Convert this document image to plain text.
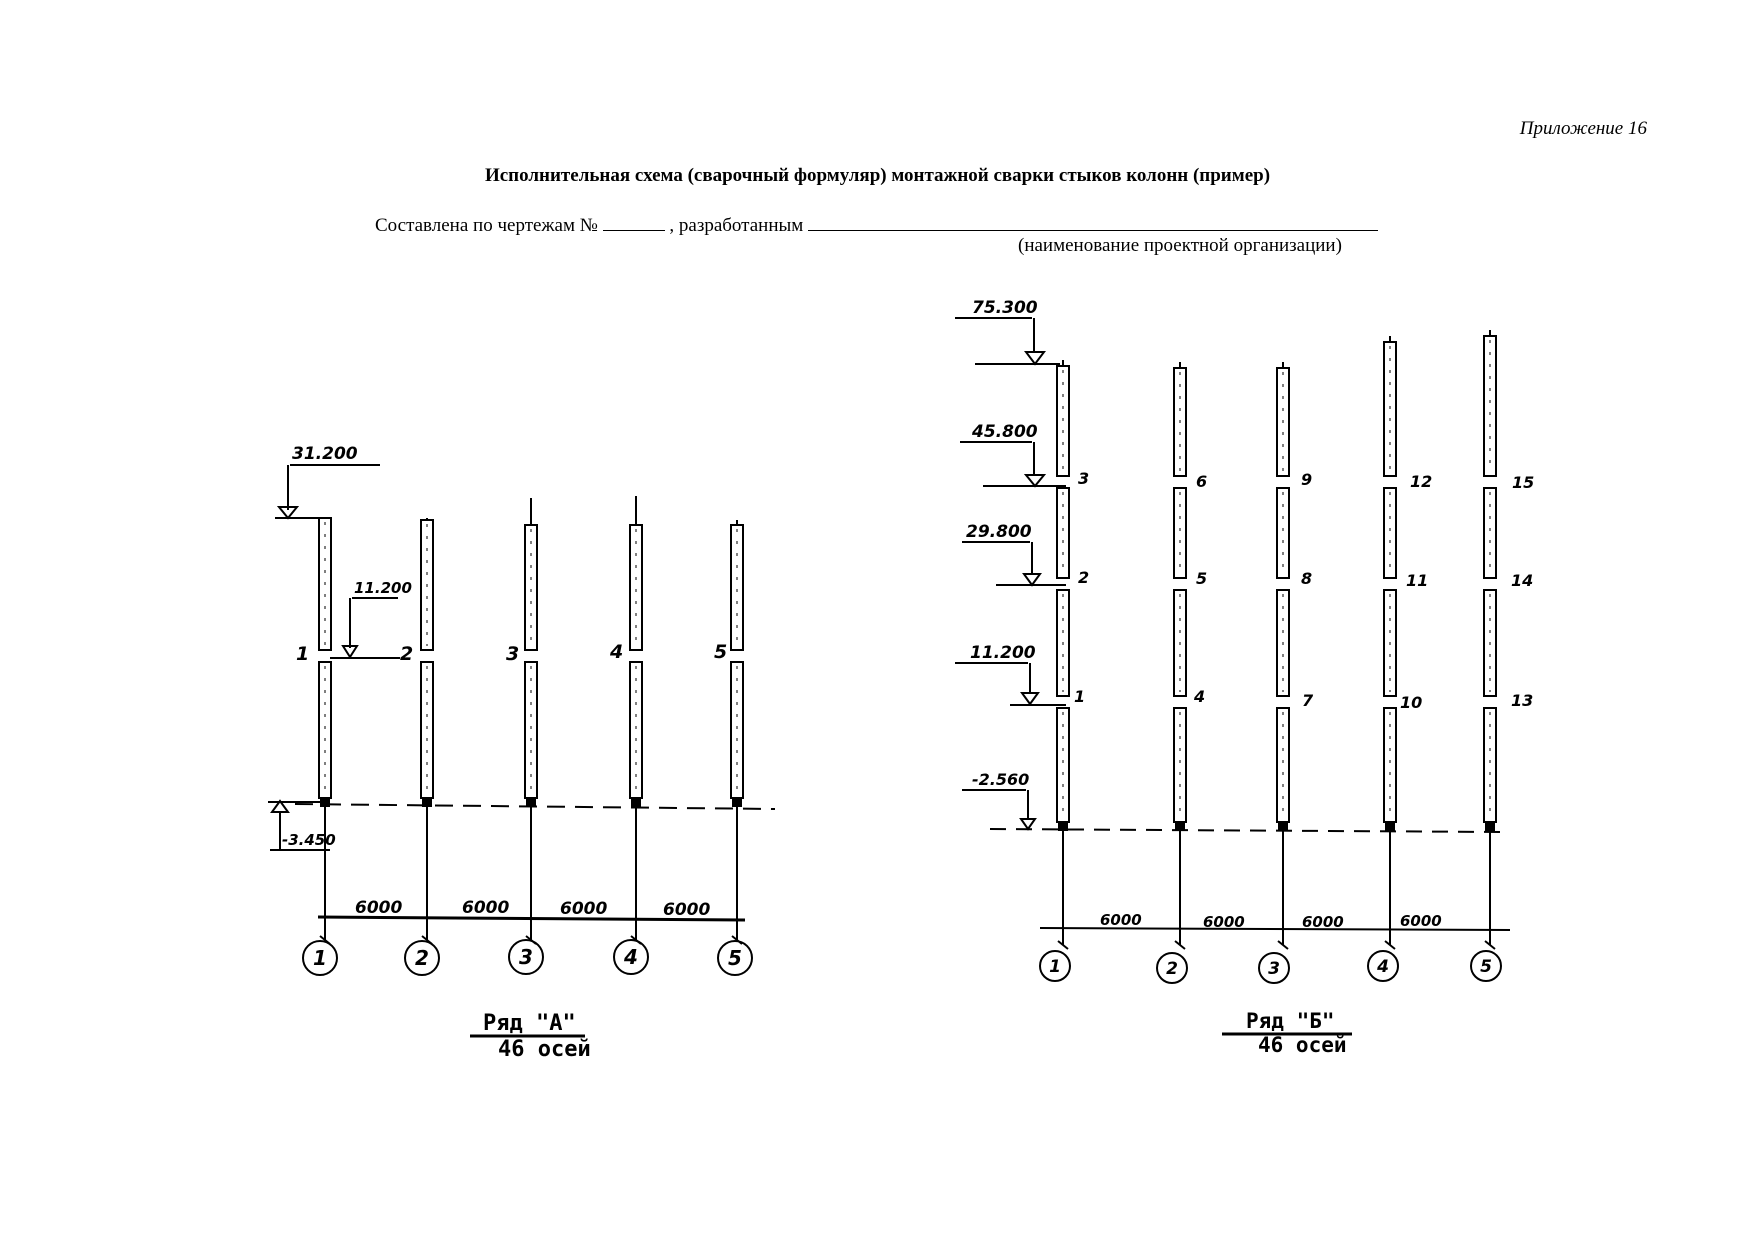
Приложение 16
Исполнительная схема (сварочный формуляр) монтажной сварки стыков колонн (пример)
Составлена по чертежам №	, разработанным
(наименование проектной организации)
31.200
11.200
-3.450
6000	6000	6000	6000
1	2	3	4	5
1	2	3	4	5
Ряд "А"
46 осей
75.300
45.800
29.800
11.200
-2.560
6000	6000	6000	6000
3
2
1
6
5
4
9
8
7
12
11
10
15
14
13
1	2	3	4	5
Ряд "Б"
46 осей
